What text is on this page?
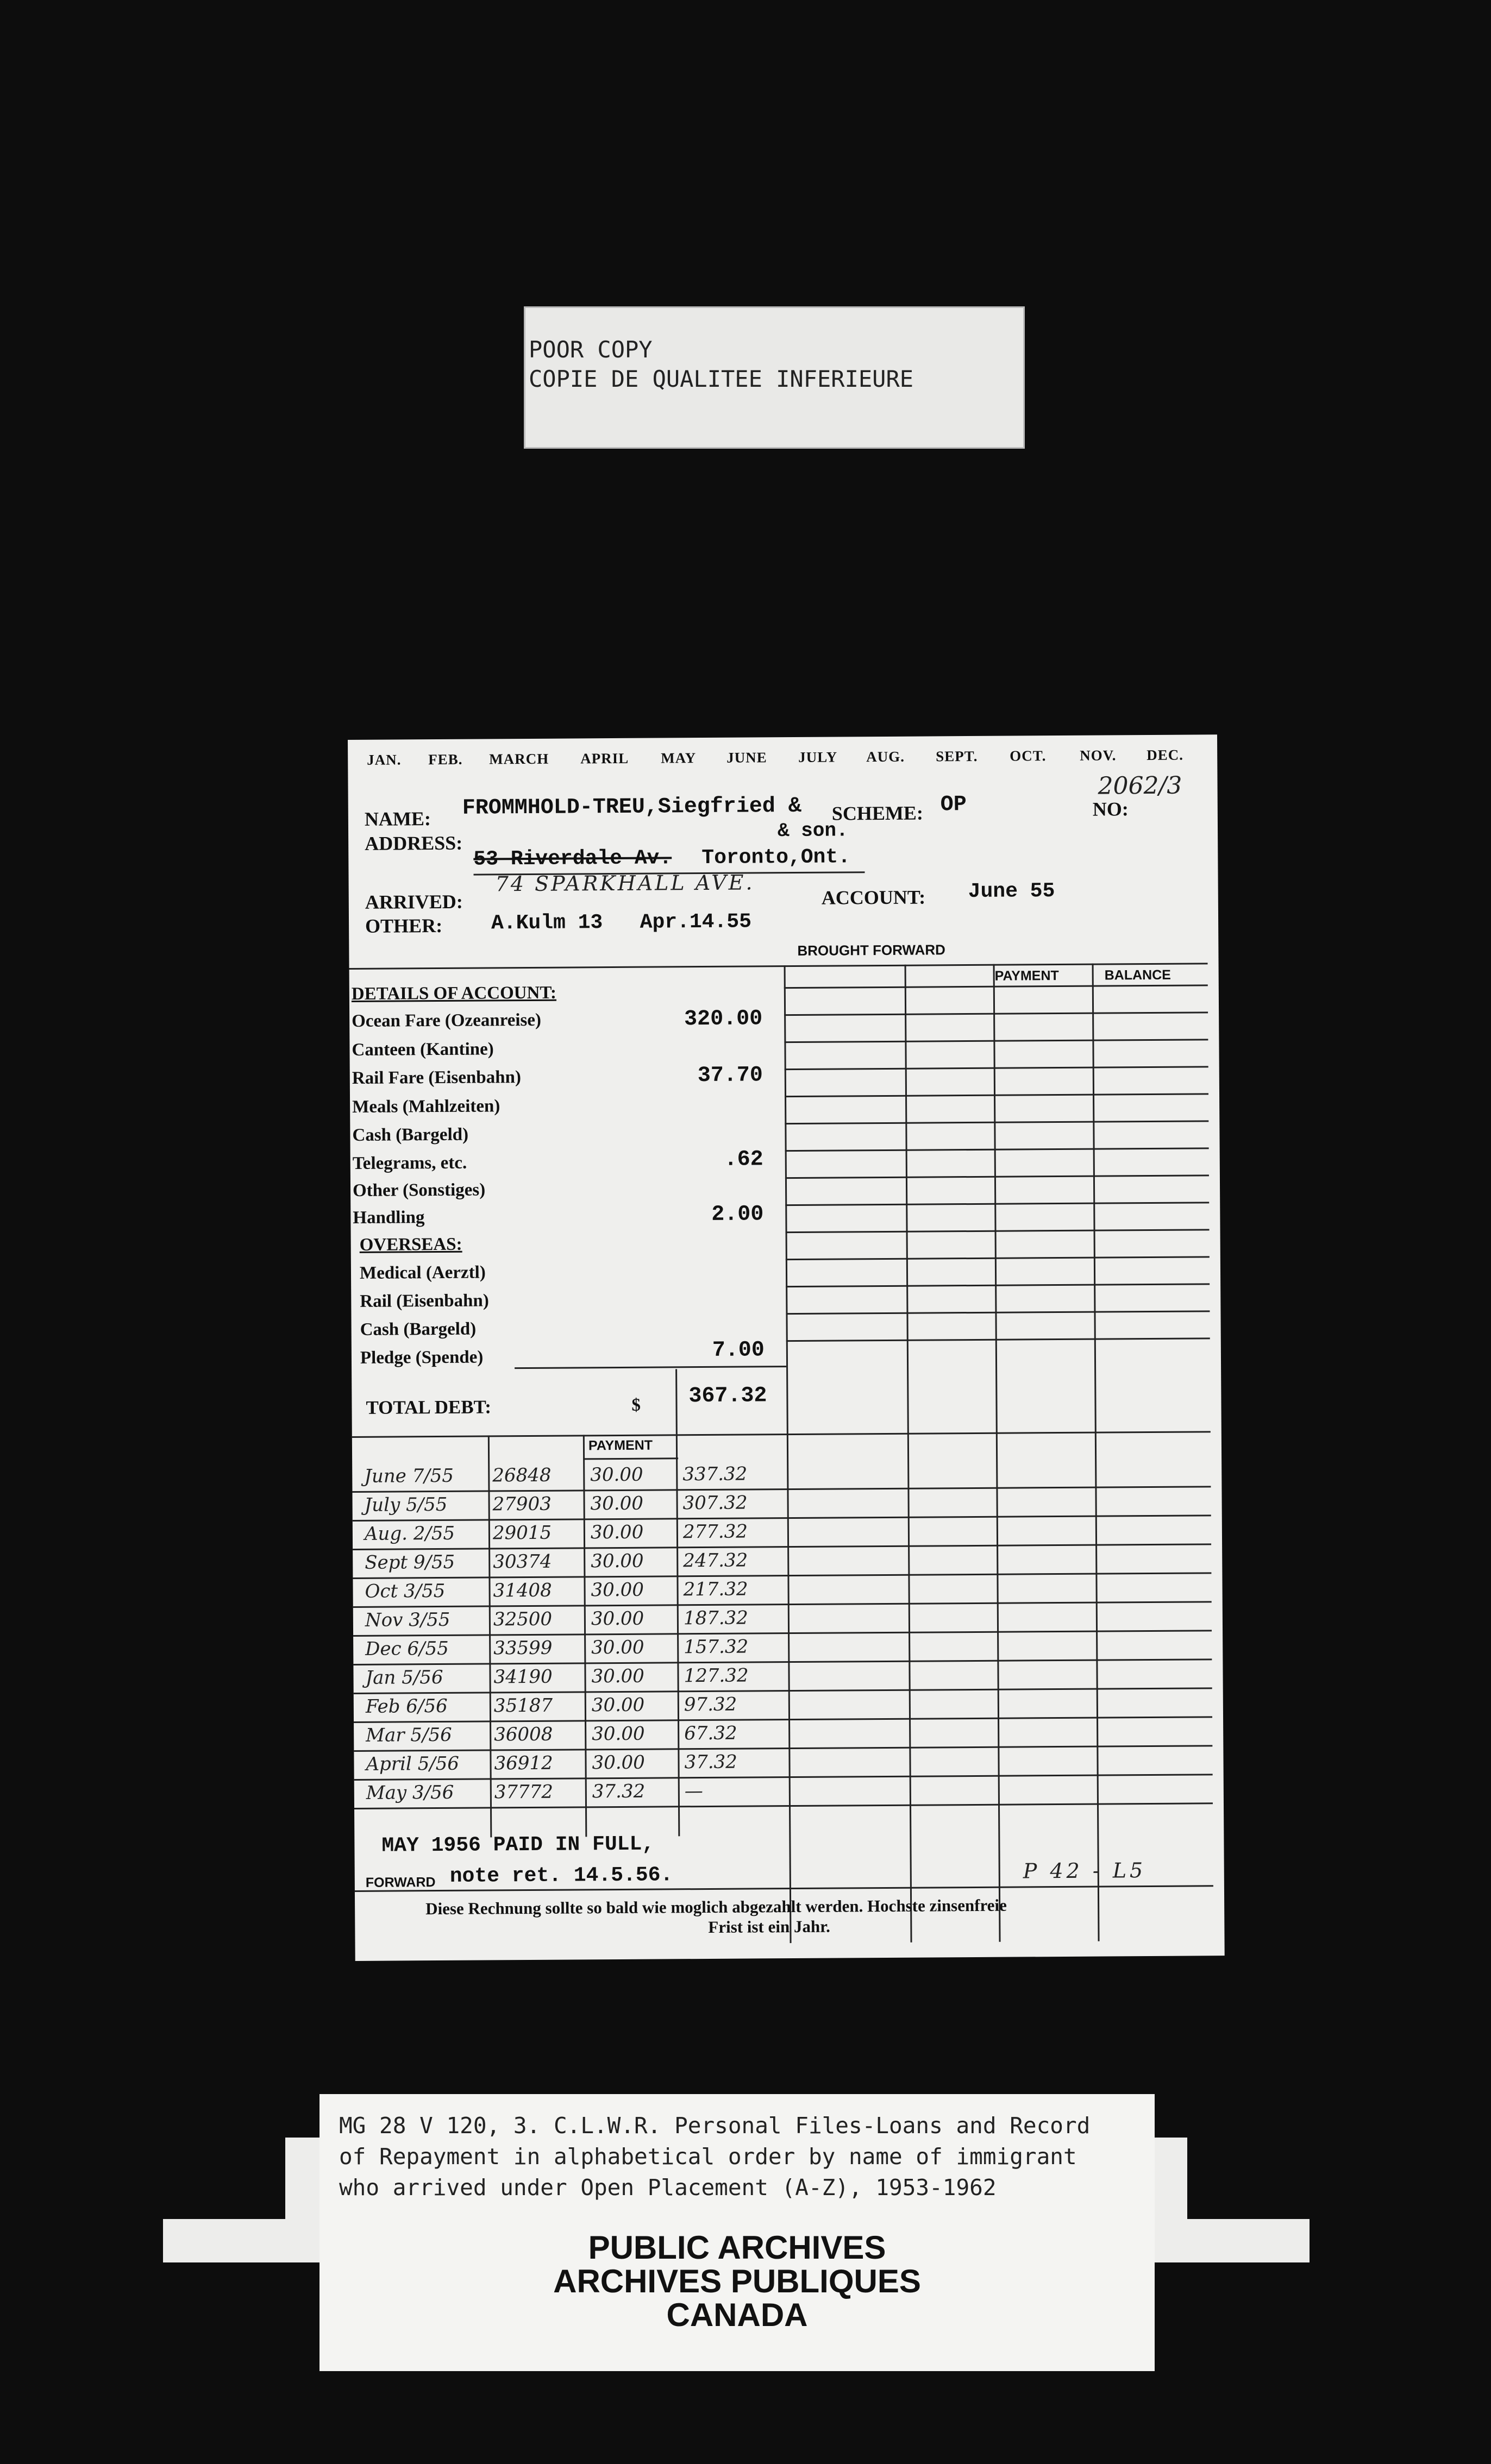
POOR COPY
COPIE DE QUALITEE INFERIEURE
JAN. FEB. MARCH APRIL MAY JUNE JULY AUG. SEPT. OCT. NOV. DEC.
NAME: FROMMHOLD-TREU,Siegfried &
& son.
SCHEME: OP
2062/3
NO:
ADDRESS:
53 Riverdale Av. Toronto,Ont.
ARRIVED:
74 SPARKHALL AVE.
ACCOUNT: June 55
OTHER: A.Kulm 13   Apr.14.55
BROUGHT FORWARD
PAYMENT	BALANCE
DETAILS OF ACCOUNT:
Ocean Fare (Ozeanreise)	320.00
Canteen (Kantine)
Rail Fare (Eisenbahn)	37.70
Meals (Mahlzeiten)
Cash (Bargeld)
Telegrams, etc.	.62
Other (Sonstiges)
Handling	2.00
OVERSEAS:
Medical (Aerztl)
Rail (Eisenbahn)
Cash (Bargeld)
Pledge (Spende)	7.00
TOTAL DEBT:	$ 367.32
PAYMENT
June 7/55 26848 30.00 337.32
July 5/55 27903 30.00 307.32
Aug. 2/55 29015 30.00 277.32
Sept 9/55 30374 30.00 247.32
Oct 3/55	31408 30.00 217.32
Nov 3/55 32500 30.00 187.32
Dec 6/55 33599 30.00 157.32
Jan 5/56	34190 30.00 127.32
Feb 6/56 35187 30.00 97.32
Mar 5/56 36008 30.00 67.32
April 5/56 36912 30.00 37.32
May 3/56 37772 37.32 —
MAY 1956 PAID IN FULL,
note ret. 14.5.56.
FORWARD	P 42 - L5
Diese Rechnung sollte so bald wie moglich abgezahlt werden. Hochste zinsenfreie
Frist ist ein Jahr.
MG 28 V 120, 3. C.L.W.R. Personal Files-Loans and Record
of Repayment in alphabetical order by name of immigrant
who arrived under Open Placement (A-Z), 1953-1962
PUBLIC ARCHIVES
ARCHIVES PUBLIQUES
CANADA
